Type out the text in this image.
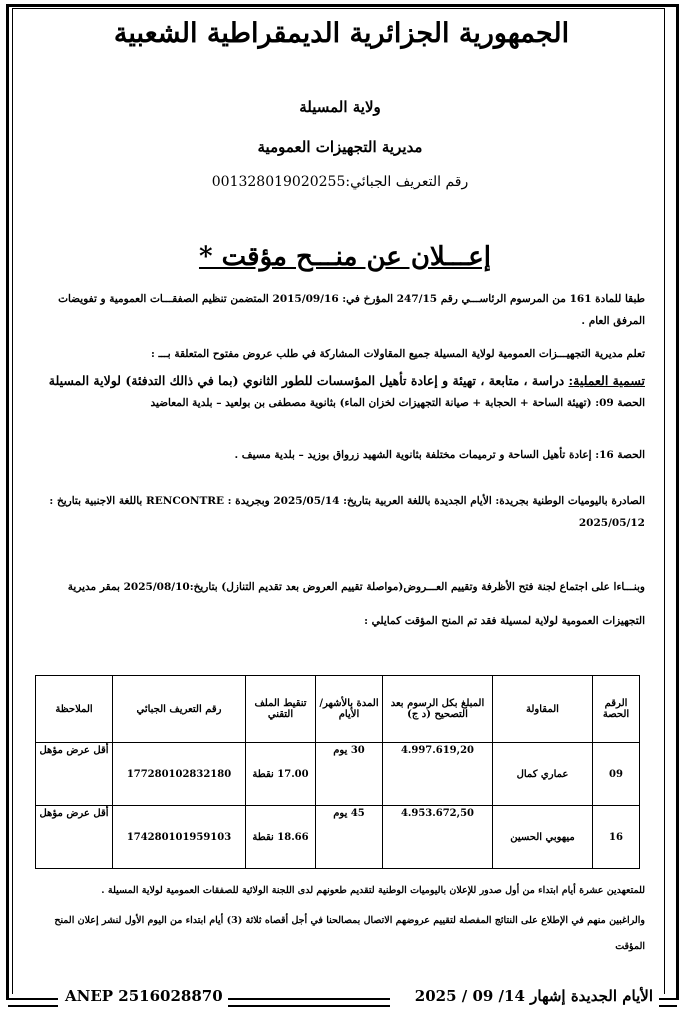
الجمهورية الجزائرية الديمقراطية الشعبية
ولاية المسيلة
مديرية التجهيزات العمومية
رقم التعريف الجبائي:001328019020255
إعـــلان عن منـــح مؤقت *
طبقا للمادة 161 من المرسوم الرئاســـي رقم 247/15 المؤرخ في: 2015/09/16 المتضمن تنظيم الصفقـــات العمومية و تفويضات المرفق العام .
تعلم مديرية التجهيـــزات العمومية لولاية المسيلة جميع المقاولات المشاركة في طلب عروض مفتوح المتعلقة بـــ :
تسمية العملية: دراسة ، متابعة ، تهيئة و إعادة تأهيل المؤسسات للطور الثانوي (بما في ذالك التدفئة) لولاية المسيلة
الحصة 09: (تهيئة الساحة + الحجابة + صيانة التجهيزات لخزان الماء) بثانوية مصطفى بن بولعيد – بلدية المعاضيد
الحصة 16: إعادة تأهيل الساحة و ترميمات مختلفة بثانوية الشهيد زرواق بوزيد – بلدية مسيف .
الصادرة باليوميات الوطنية بجريدة: الأيام الجديدة باللغة العربية بتاريخ: 2025/05/14 وبجريدة : RENCONTRE باللغة الاجنبية بتاريخ : 2025/05/12
وبنـــاءا على اجتماع لجنة فتح الأظرفة وتقييم العـــروض(مواصلة تقييم العروض بعد تقديم التنازل) بتاريخ:2025/08/10 بمقر مديرية التجهيزات العمومية لولاية لمسيلة فقد تم المنح المؤقت كمايلي :
الرقم الحصة	المقاولة	المبلغ بكل الرسوم بعد التصحيح (د ج)	المدة بالأشهر/ الأيام	تنقيط الملف التقني	رقم التعريف الجبائي	الملاحظة
09	عماري كمال	4.997.619,20	30 يوم	17.00 نقطة	177280102832180	أقل عرض مؤهل
16	ميهوبي الحسين	4.953.672,50	45 يوم	18.66 نقطة	174280101959103	أقل عرض مؤهل
للمتعهدين عشرة أيام ابتداء من أول صدور للإعلان باليوميات الوطنية لتقديم طعونهم لدى اللجنة الولائية للصفقات العمومية لولاية المسيلة .
والراغبين منهم في الإطلاع على النتائج المفصلة لتقييم عروضهم الاتصال بمصالحنا في أجل أقصاه ثلاثة (3) أيام ابتداء من اليوم الأول لنشر إعلان المنح المؤقت
ANEP 2516028870	الأيام الجديدة إشهار 14/ 09 / 2025
